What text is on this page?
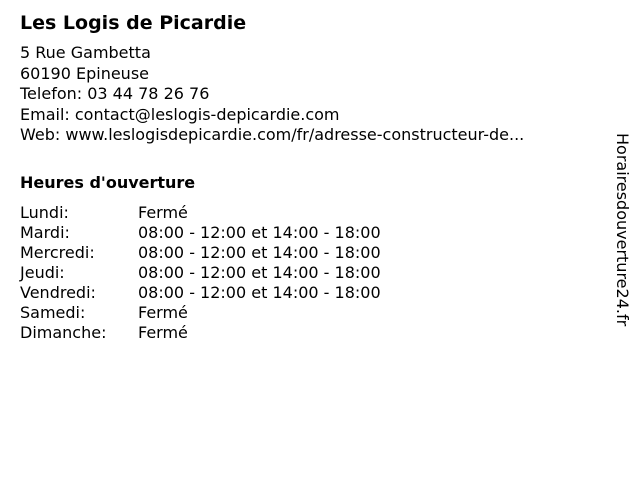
Les Logis de Picardie
5 Rue Gambetta
60190 Epineuse
Telefon: 03 44 78 26 76
Email: contact@leslogis-depicardie.com
Web: www.leslogisdepicardie.com/fr/adresse-constructeur-de...
Heures d'ouverture
Lundi:	Fermé
Mardi:	08:00 - 12:00 et 14:00 - 18:00
Mercredi:	08:00 - 12:00 et 14:00 - 18:00
Jeudi:	08:00 - 12:00 et 14:00 - 18:00
Vendredi:	08:00 - 12:00 et 14:00 - 18:00
Samedi:	Fermé
Dimanche:	Fermé
Horairesdouverture24.fr
